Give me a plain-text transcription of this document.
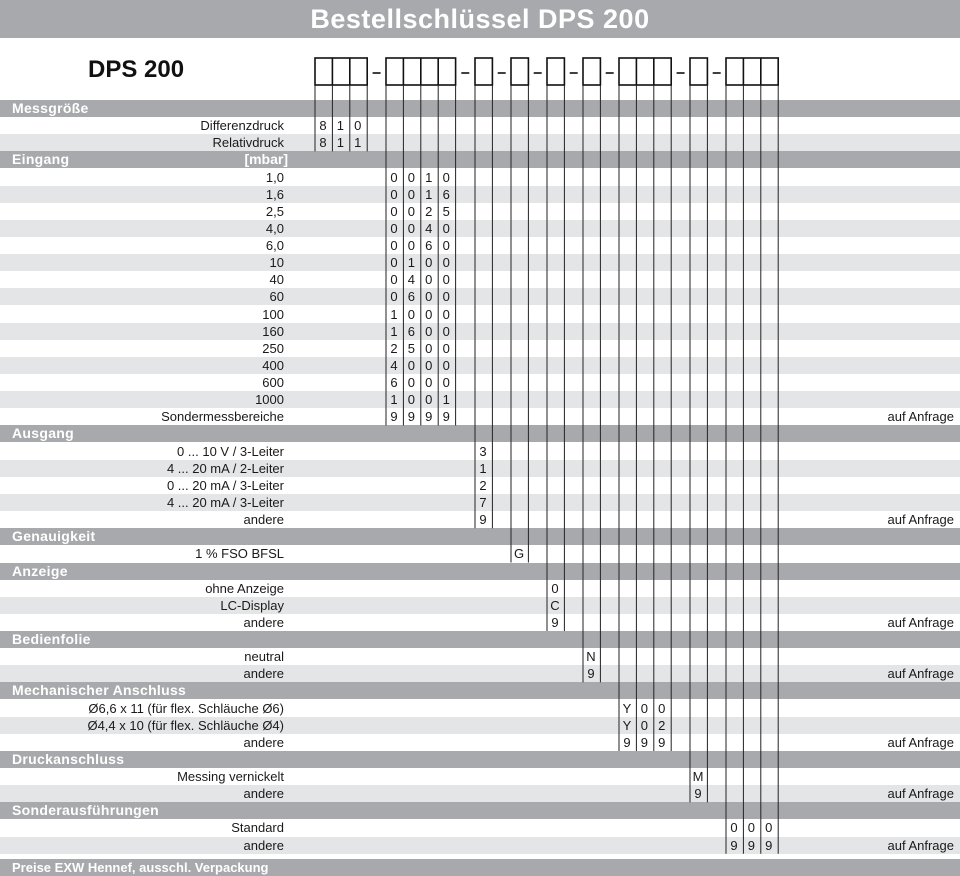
Bestellschlüssel DPS 200
Messgröße
Differenzdruck	8 1 0
Relativdruck	8 1 1
Eingang	[mbar]
1,0	0 0 1 0
1,6	0 0 1 6
2,5	0 0 2 5
4,0	0 0 4 0
6,0	0 0 6 0
10	0 1 0 0
40	0 4 0 0
60	0 6 0 0
100	1 0 0 0
160	1 6 0 0
250	2 5 0 0
400	4 0 0 0
600	6 0 0 0
1000	1 0 0 1
Sondermessbereiche	9 9 9 9	auf Anfrage
Ausgang
0 ... 10 V / 3-Leiter	3
4 ... 20 mA / 2-Leiter	1
0 ... 20 mA / 3-Leiter	2
4 ... 20 mA / 3-Leiter	7
andere	9	auf Anfrage
Genauigkeit
1 % FSO BFSL	G
Anzeige
ohne Anzeige	0
LC-Display	C
andere	9	auf Anfrage
Bedienfolie
neutral	N
andere	9	auf Anfrage
Mechanischer Anschluss
Ø6,6 x 11 (für flex. Schläuche Ø6)	Y 0 0
Ø4,4 x 10 (für flex. Schläuche Ø4)	Y 0 2
andere	9 9 9	auf Anfrage
Druckanschluss
Messing vernickelt	M
andere	9	auf Anfrage
Sonderausführungen
Standard	0 0 0
andere	9 9 9	auf Anfrage
DPS 200
Preise EXW Hennef, ausschl. Verpackung
